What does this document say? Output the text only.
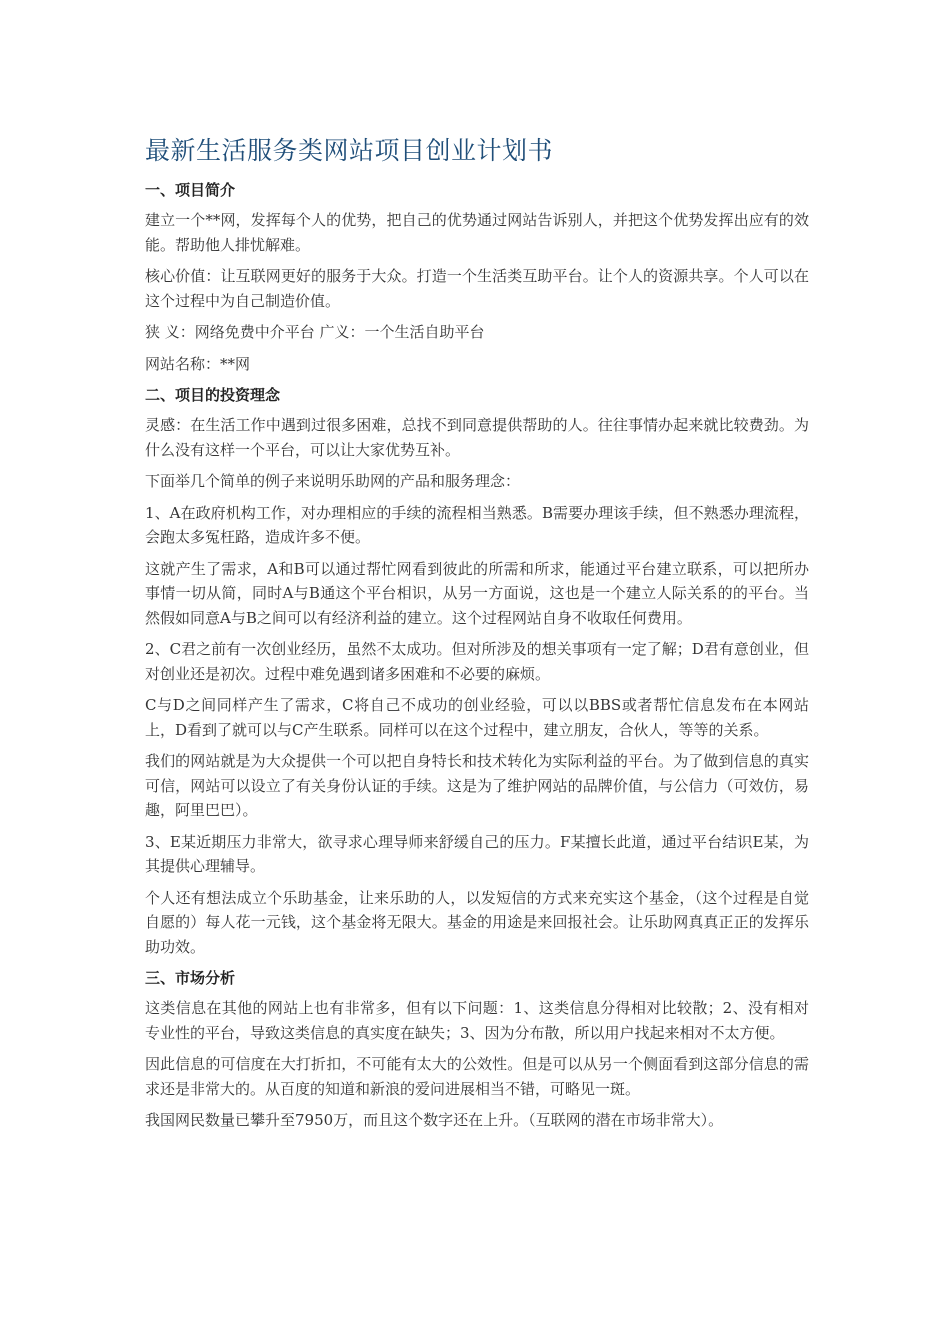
最新生活服务类网站项目创业计划书
一、项目简介

建立一个**网，发挥每个人的优势，把自己的优势通过网站告诉别人，并把这个优势发挥出应有的效能。帮助他人排忧解难。

核心价值：让互联网更好的服务于大众。打造一个生活类互助平台。让个人的资源共享。个人可以在这个过程中为自己制造价值。

狭 义：网络免费中介平台 广义：一个生活自助平台

网站名称：**网

二、项目的投资理念

灵感：在生活工作中遇到过很多困难，总找不到同意提供帮助的人。往往事情办起来就比较费劲。为什么没有这样一个平台，可以让大家优势互补。

下面举几个简单的例子来说明乐助网的产品和服务理念：

1、A在政府机构工作，对办理相应的手续的流程相当熟悉。B需要办理该手续，但不熟悉办理流程，会跑太多冤枉路，造成许多不便。

这就产生了需求，A和B可以通过帮忙网看到彼此的所需和所求，能通过平台建立联系，可以把所办事情一切从简，同时A与B通这个平台相识，从另一方面说，这也是一个建立人际关系的的平台。当然假如同意A与B之间可以有经济利益的建立。这个过程网站自身不收取任何费用。

2、C君之前有一次创业经历，虽然不太成功。但对所涉及的想关事项有一定了解；D君有意创业，但对创业还是初次。过程中难免遇到诸多困难和不必要的麻烦。

C与D之间同样产生了需求，C将自己不成功的创业经验，可以以BBS或者帮忙信息发布在本网站上，D看到了就可以与C产生联系。同样可以在这个过程中，建立朋友，合伙人，等等的关系。

我们的网站就是为大众提供一个可以把自身特长和技术转化为实际利益的平台。为了做到信息的真实可信，网站可以设立了有关身份认证的手续。这是为了维护网站的品牌价值，与公信力（可效仿，易趣，阿里巴巴）。

3、E某近期压力非常大，欲寻求心理导师来舒缓自己的压力。F某擅长此道，通过平台结识E某，为其提供心理辅导。

个人还有想法成立个乐助基金，让来乐助的人，以发短信的方式来充实这个基金，（这个过程是自觉自愿的）每人花一元钱，这个基金将无限大。基金的用途是来回报社会。让乐助网真真正正的发挥乐助功效。

三、市场分析

这类信息在其他的网站上也有非常多，但有以下问题：1、这类信息分得相对比较散；2、没有相对专业性的平台，导致这类信息的真实度在缺失；3、因为分布散，所以用户找起来相对不太方便。

因此信息的可信度在大打折扣，不可能有太大的公效性。但是可以从另一个侧面看到这部分信息的需求还是非常大的。从百度的知道和新浪的爱问进展相当不错，可略见一斑。

我国网民数量已攀升至7950万，而且这个数字还在上升。（互联网的潜在市场非常大）。
